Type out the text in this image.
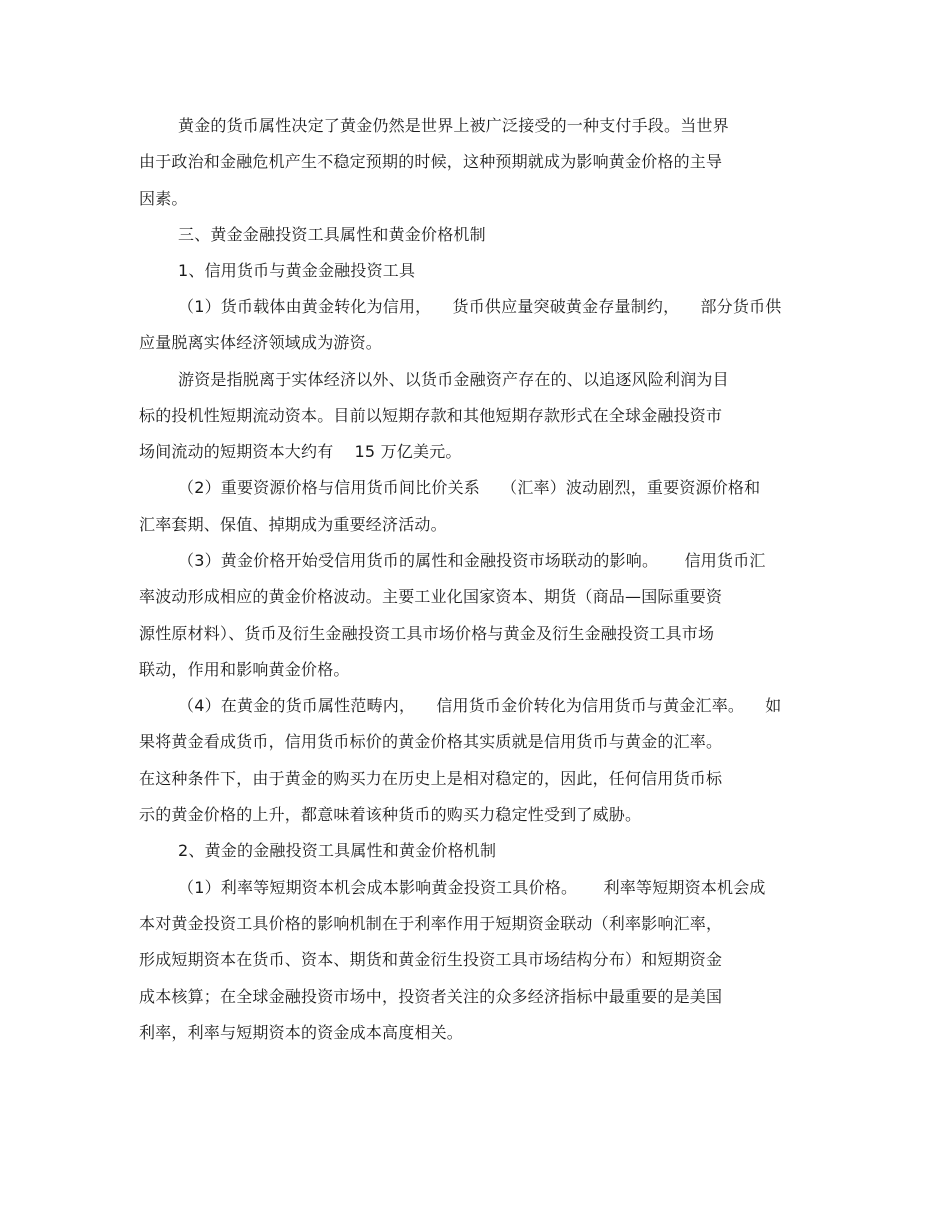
黄金的货币属性决定了黄金仍然是世界上被广泛接受的一种支付手段。当世界
由于政治和金融危机产生不稳定预期的时候，这种预期就成为影响黄金价格的主导
因素。
三、黄金金融投资工具属性和黄金价格机制
1、信用货币与黄金金融投资工具
（1）货币载体由黄金转化为信用，    货币供应量突破黄金存量制约，    部分货币供
应量脱离实体经济领域成为游资。
游资是指脱离于实体经济以外、以货币金融资产存在的、以追逐风险利润为目
标的投机性短期流动资本。目前以短期存款和其他短期存款形式在全球金融投资市
场间流动的短期资本大约有    15 万亿美元。
（2）重要资源价格与信用货币间比价关系    （汇率）波动剧烈，重要资源价格和
汇率套期、保值、掉期成为重要经济活动。
（3）黄金价格开始受信用货币的属性和金融投资市场联动的影响。     信用货币汇
率波动形成相应的黄金价格波动。主要工业化国家资本、期货（商品—国际重要资
源性原材料）、货币及衍生金融投资工具市场价格与黄金及衍生金融投资工具市场
联动，作用和影响黄金价格。
（4）在黄金的货币属性范畴内，    信用货币金价转化为信用货币与黄金汇率。    如
果将黄金看成货币，信用货币标价的黄金价格其实质就是信用货币与黄金的汇率。
在这种条件下，由于黄金的购买力在历史上是相对稳定的，因此，任何信用货币标
示的黄金价格的上升，都意味着该种货币的购买力稳定性受到了威胁。
2、黄金的金融投资工具属性和黄金价格机制
（1）利率等短期资本机会成本影响黄金投资工具价格。     利率等短期资本机会成
本对黄金投资工具价格的影响机制在于利率作用于短期资金联动（利率影响汇率，
形成短期资本在货币、资本、期货和黄金衍生投资工具市场结构分布）和短期资金
成本核算；在全球金融投资市场中，投资者关注的众多经济指标中最重要的是美国
利率，利率与短期资本的资金成本高度相关。
